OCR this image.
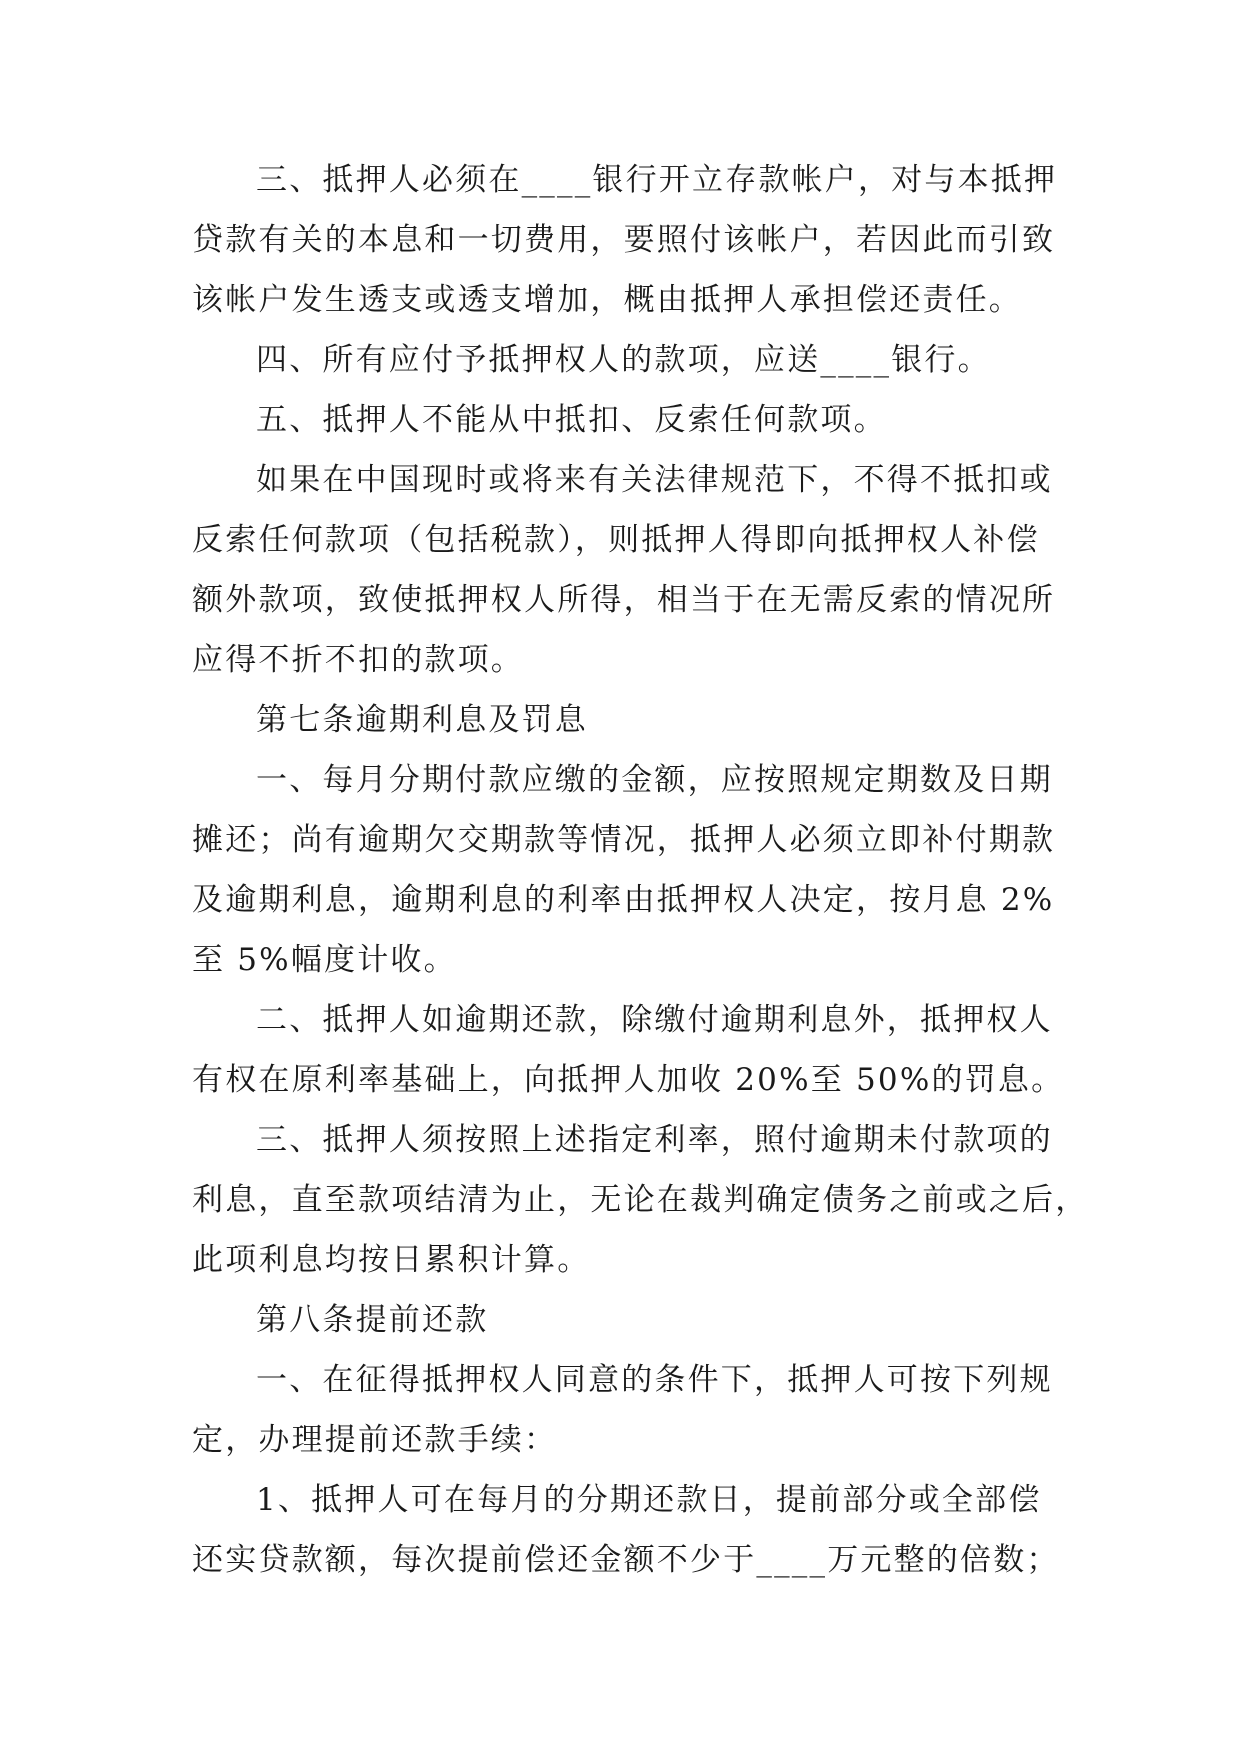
三、抵押人必须在____银行开立存款帐户，对与本抵押
贷款有关的本息和一切费用，要照付该帐户，若因此而引致
该帐户发生透支或透支增加，概由抵押人承担偿还责任。
四、所有应付予抵押权人的款项，应送____银行。
五、抵押人不能从中抵扣、反索任何款项。
如果在中国现时或将来有关法律规范下，不得不抵扣或
反索任何款项（包括税款），则抵押人得即向抵押权人补偿
额外款项，致使抵押权人所得，相当于在无需反索的情况所
应得不折不扣的款项。
第七条逾期利息及罚息
一、每月分期付款应缴的金额，应按照规定期数及日期
摊还；尚有逾期欠交期款等情况，抵押人必须立即补付期款
及逾期利息，逾期利息的利率由抵押权人决定，按月息 2%
至 5%幅度计收。
二、抵押人如逾期还款，除缴付逾期利息外，抵押权人
有权在原利率基础上，向抵押人加收 20%至 50%的罚息。
三、抵押人须按照上述指定利率，照付逾期未付款项的
利息，直至款项结清为止，无论在裁判确定债务之前或之后，
此项利息均按日累积计算。
第八条提前还款
一、在征得抵押权人同意的条件下，抵押人可按下列规
定，办理提前还款手续：
1、抵押人可在每月的分期还款日，提前部分或全部偿
还实贷款额，每次提前偿还金额不少于____万元整的倍数；
